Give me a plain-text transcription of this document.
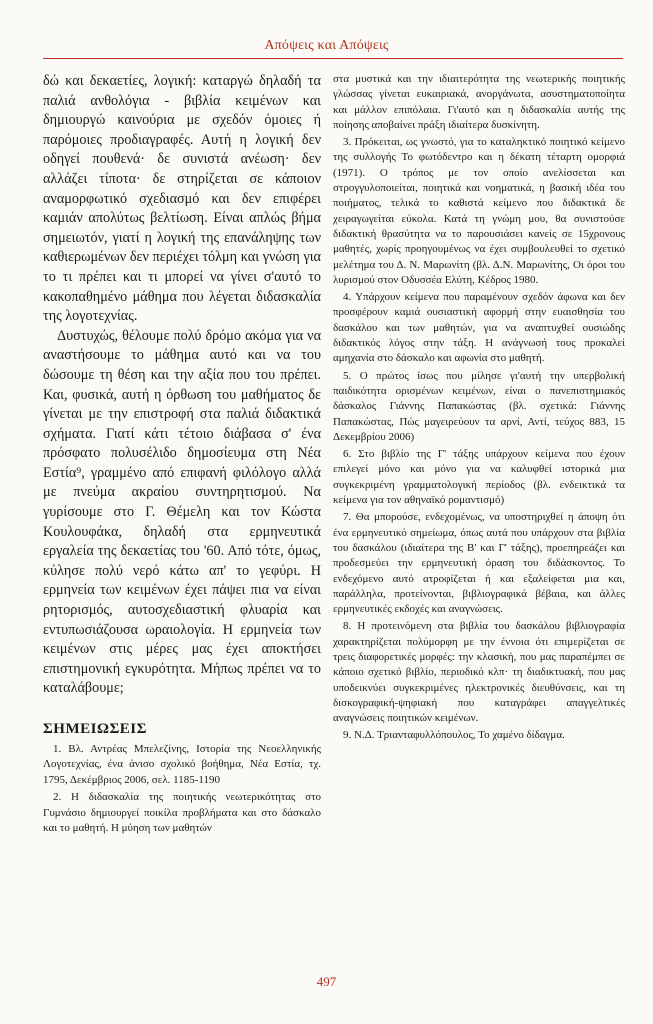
Απόψεις και Απόψεις

δώ και δεκαετίες, λογική: καταργώ δηλαδή τα παλιά ανθολόγια - βιβλία κειμένων και δημιουργώ καινούρια με σχεδόν όμοιες ή παρόμοιες προδιαγραφές. Αυτή η λογική δεν οδηγεί πουθενά· δε συνιστά ανέωση· δεν αλλάζει τίποτα· δε στηρίζεται σε κάποιον αναμορφωτικό σχεδιασμό και δεν επιφέρει καμιάν απολύτως βελτίωση. Είναι απλώς βήμα σημειωτόν, γιατί η λογική της επανάληψης των καθιερωμένων δεν περιέχει τόλμη και γνώση για το τι πρέπει και τι μπορεί να γίνει σ'αυτό το κακοπαθημένο μάθημα που λέγεται διδασκαλία της λογοτεχνίας.

Δυστυχώς, θέλουμε πολύ δρόμο ακόμα για να αναστήσουμε το μάθημα αυτό και να του δώσουμε τη θέση και την αξία που του πρέπει. Και, φυσικά, αυτή η όρθωση του μαθήματος δε γίνεται με την επιστροφή στα παλιά διδακτικά σχήματα. Γιατί κάτι τέτοιο διάβασα σ' ένα πρόσφατο πολυσέλιδο δημοσίευμα στη Νέα Εστία⁹, γραμμένο από επιφανή φιλόλογο αλλά με πνεύμα ακραίου συντηρητισμού. Να γυρίσουμε στο Γ. Θέμελη και τον Κώστα Κουλουφάκα, δηλαδή στα ερμηνευτικά εργαλεία της δεκαετίας του '60. Από τότε, όμως, κύλησε πολύ νερό κάτω απ' το γεφύρι. Η ερμηνεία των κειμένων έχει πάψει πια να είναι ρητορισμός, αυτοσχεδιαστική φλυαρία και εντυπωσιάζουσα ωραιολογία. Η ερμηνεία των κειμένων στις μέρες μας έχει αποκτήσει επιστημονική εγκυρότητα. Μήπως πρέπει να το καταλάβουμε;

ΣΗΜΕΙΩΣΕΙΣ

1. Βλ. Αντρέας Μπελεζίνης, Ιστορία της Νεοελληνικής Λογοτεχνίας, ένα άνισο σχολικό βοήθημα, Νέα Εστία, τχ. 1795, Δεκέμβριος 2006, σελ. 1185-1190

2. Η διδασκαλία της ποιητικής νεωτερικότητας στο Γυμνάσιο δημιουργεί ποικίλα προβλήματα και στο δάσκαλο και το μαθητή. Η μύηση των μαθητών

στα μυστικά και την ιδιαιτερότητα της νεωτερικής ποιητικής γλώσσας γίνεται ευκαιριακά, ανοργάνωτα, ασυστηματοποίητα και μάλλον επιπόλαια. Γι'αυτό και η διδασκαλία αυτής της ποίησης αποβαίνει πράξη ιδιαίτερα δυσκίνητη.

3. Πρόκειται, ως γνωστό, για το καταληκτικό ποιητικό κείμενο της συλλογής Το φωτόδεντρο και η δέκατη τέταρτη ομορφιά (1971). Ο τρόπος με τον οποίο ανελίσσεται και στρογγυλοποιείται, ποιητικά και νοηματικά, η βασική ιδέα του ποιήματος, τελικά το καθιστά κείμενο που διδακτικά δε χειραγωγείται εύκολα. Κατά τη γνώμη μου, θα συνιστούσε διδακτική θρασύτητα να το παρουσιάσει κανείς σε 15χρονους μαθητές, χωρίς προηγουμένως να έχει συμβουλευθεί το σχετικό μελέτημα του Δ. Ν. Μαρωνίτη (βλ. Δ.Ν. Μαρωνίτης, Οι όροι του λυρισμού στον Οδυσσέα Ελύτη, Κέδρος 1980.

4. Υπάρχουν κείμενα που παραμένουν σχεδόν άφωνα και δεν προσφέρουν καμιά ουσιαστική αφορμή στην ευαισθησία του δασκάλου και των μαθητών, για να αναπτυχθεί ουσιώδης διδακτικός λόγος στην τάξη. Η ανάγνωσή τους προκαλεί αμηχανία στο δάσκαλο και αφωνία στο μαθητή.

5. Ο πρώτος ίσως που μίλησε γι'αυτή την υπερβολική παιδικότητα ορισμένων κειμένων, είναι ο πανεπιστημιακός δάσκαλος Γιάννης Παπακώστας (βλ. σχετικά: Γιάννης Παπακώστας, Πώς μαγειρεύουν τα αρνί, Αντί, τεύχος 883, 15 Δεκεμβρίου 2006)

6. Στο βιβλίο της Γ' τάξης υπάρχουν κείμενα που έχουν επιλεγεί μόνο και μόνο για να καλυφθεί ιστορικά μια συγκεκριμένη γραμματολογική περίοδος (βλ. ενδεικτικά τα κείμενα για τον αθηναϊκό ρομαντισμό)

7. Θα μπορούσε, ενδεχομένως, να υποστηριχθεί η άποψη ότι ένα ερμηνευτικό σημείωμα, όπως αυτά που υπάρχουν στα βιβλία του δασκάλου (ιδιαίτερα της Β' και Γ' τάξης), προεπηρεάζει και προδεσμεύει την ερμηνευτική όραση του διδάσκοντος. Το ενδεχόμενο αυτό ατροφίζεται ή και εξαλείφεται μια και, παράλληλα, προτείνονται, βιβλιογραφικά βέβαια, και άλλες ερμηνευτικές εκδοχές και αναγνώσεις.

8. Η προτεινόμενη στα βιβλία του δασκάλου βιβλιογραφία χαρακτηρίζεται πολύμορφη με την έννοια ότι επιμερίζεται σε τρεις διαφορετικές μορφές: την κλασική, που μας παραπέμπει σε κάποιο σχετικό βιβλίο, περιοδικό κλπ· τη διαδικτυακή, που μας υποδεικνύει συγκεκριμένες ηλεκτρονικές διευθύνσεις, και τη δισκογραφική-ψηφιακή που καταγράφει απαγγελτικές αναγνώσεις ποιητικών κειμένων.

9. Ν.Δ. Τριανταφυλλόπουλος, Το χαμένο δίδαγμα.

497
